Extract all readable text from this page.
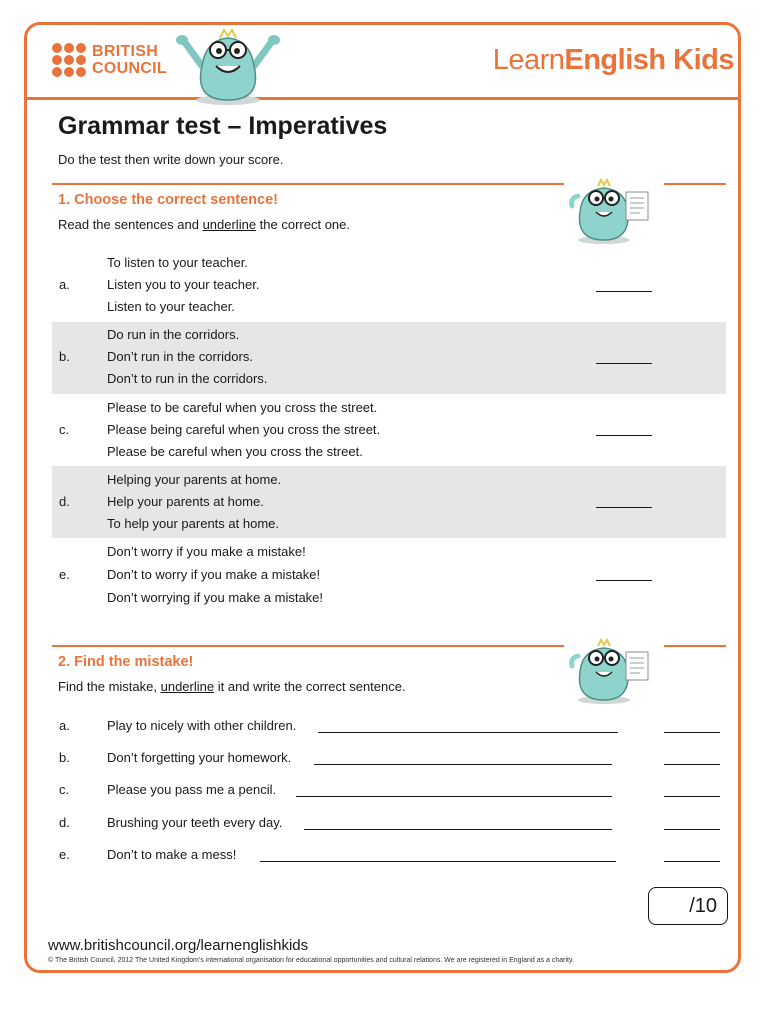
BRITISH
COUNCIL	LearnEnglish Kids
Grammar test – Imperatives
Do the test then write down your score.
1. Choose the correct sentence!
Read the sentences and underline the correct one.
a.
To listen to your teacher.
Listen you to your teacher.
Listen to your teacher.
b.
Do run in the corridors.
Don’t run in the corridors.
Don’t to run in the corridors.
c.
Please to be careful when you cross the street.
Please being careful when you cross the street.
Please be careful when you cross the street.
d.
Helping your parents at home.
Help your parents at home.
To help your parents at home.
e.
Don’t worry if you make a mistake!
Don’t to worry if you make a mistake!
Don’t worrying if you make a mistake!
2. Find the mistake!
Find the mistake, underline it and write the correct sentence.
a.	Play to nicely with other children.
b.	Don’t forgetting your homework.
c.	Please you pass me a pencil.
d.	Brushing your teeth every day.
e.	Don’t to make a mess!
/10
www.britishcouncil.org/learnenglishkids
© The British Council, 2012 The United Kingdom’s international organisation for educational opportunities and cultural relations. We are registered in England as a charity.
